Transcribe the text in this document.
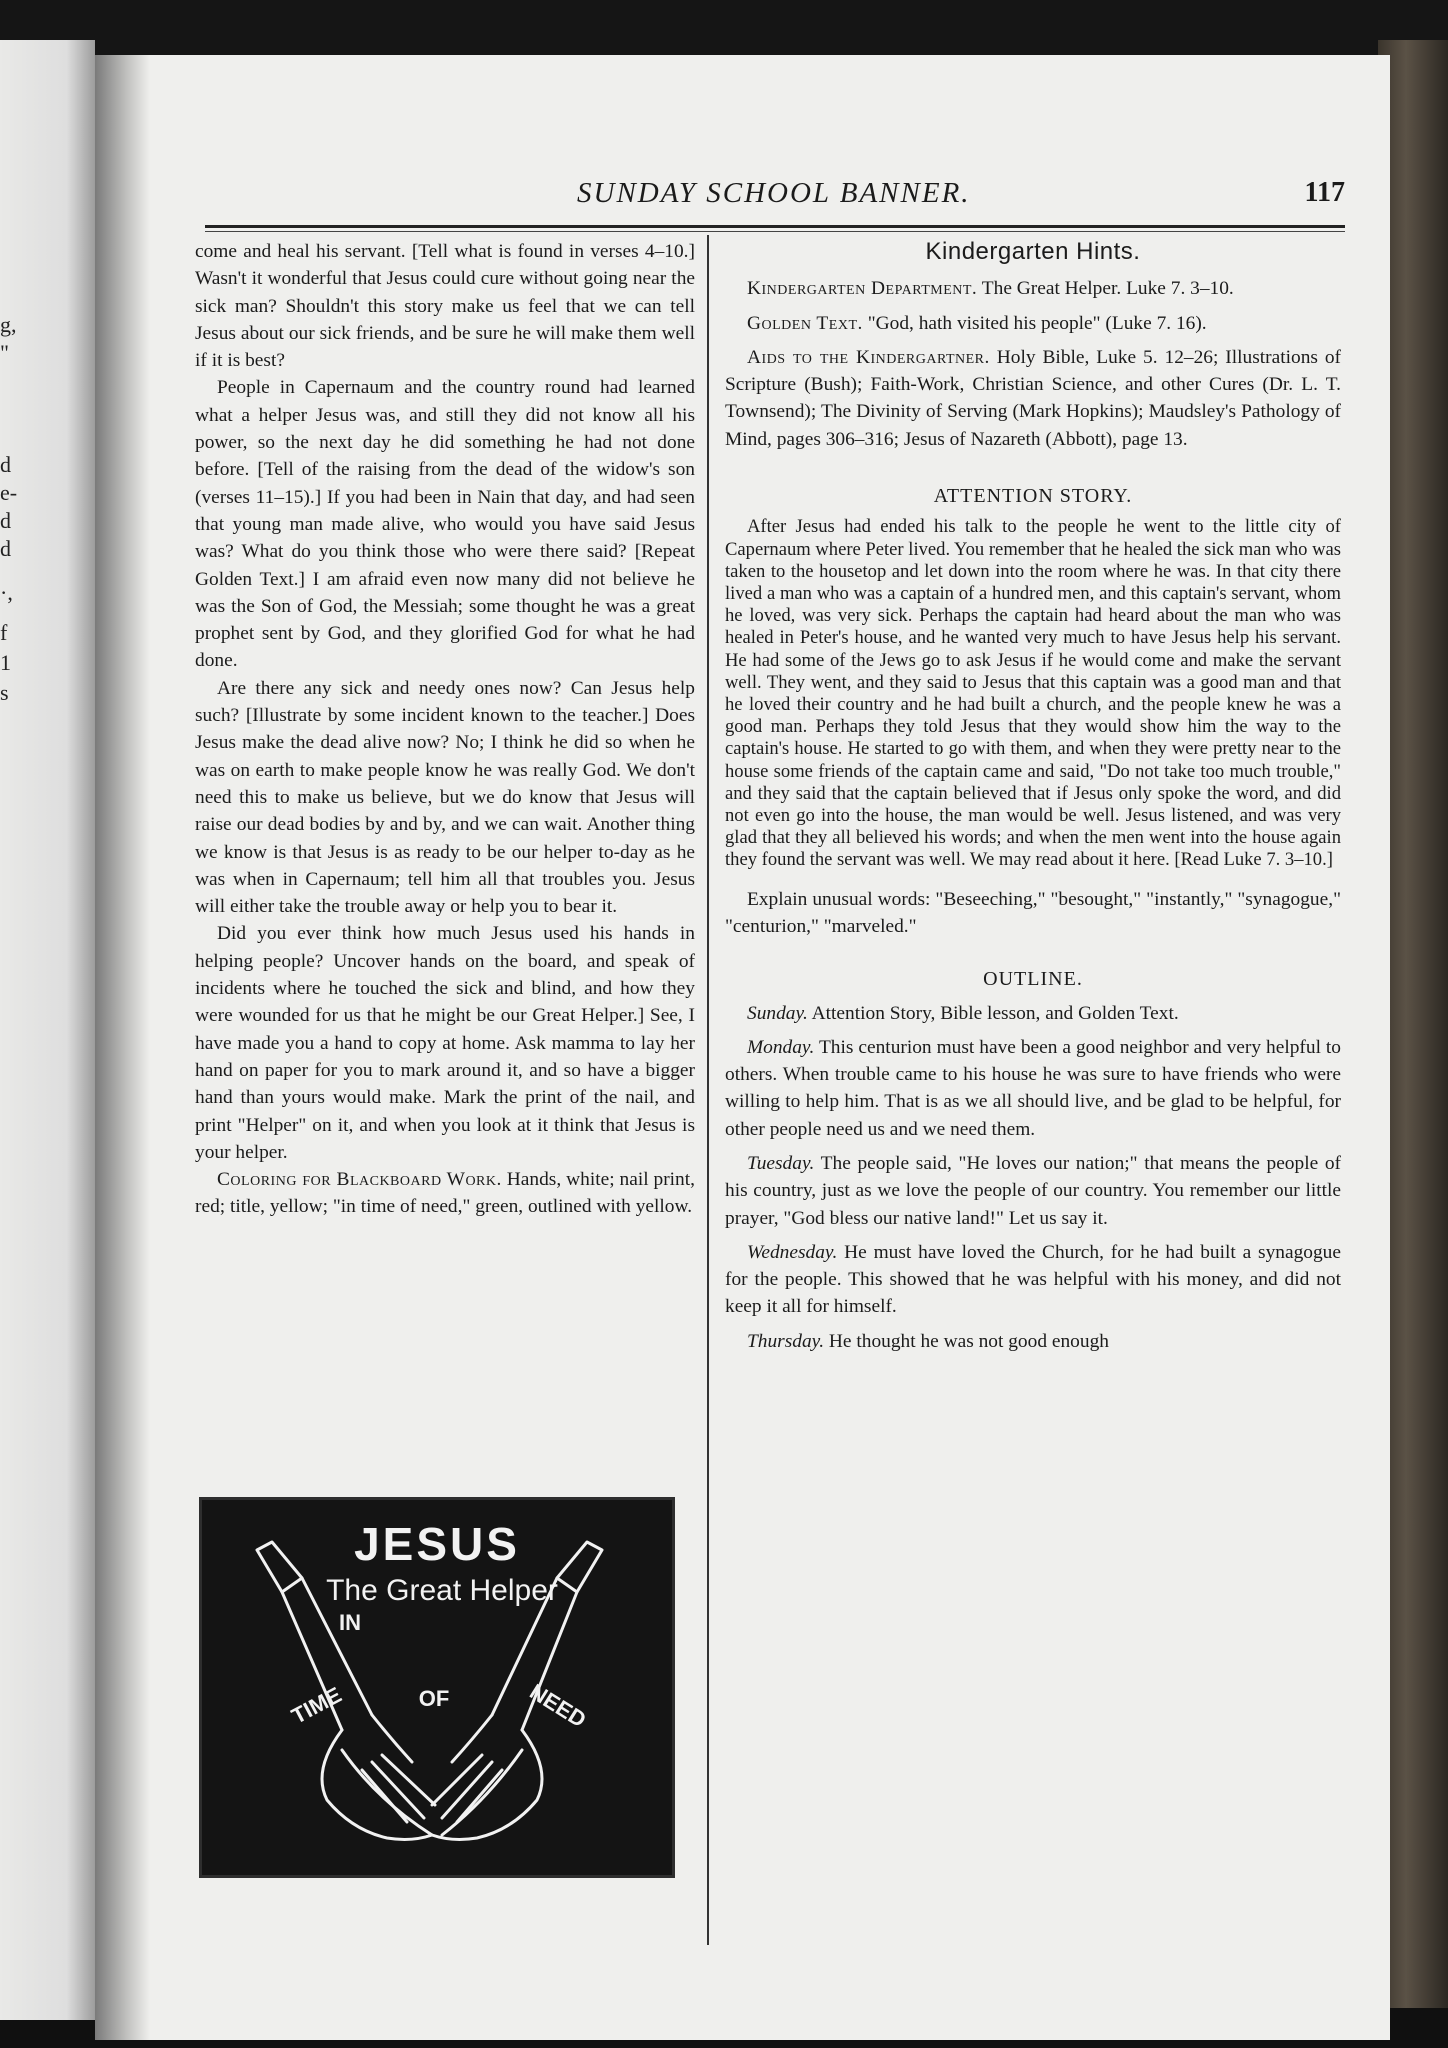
g,
"
d
e-
d
d
·,
f
1
s
SUNDAY SCHOOL BANNER.	117

come and heal his servant. [Tell what is found in verses 4–10.] Wasn't it wonderful that Jesus could cure without going near the sick man? Shouldn't this story make us feel that we can tell Jesus about our sick friends, and be sure he will make them well if it is best?

People in Capernaum and the country round had learned what a helper Jesus was, and still they did not know all his power, so the next day he did something he had not done before. [Tell of the raising from the dead of the widow's son (verses 11–15).] If you had been in Nain that day, and had seen that young man made alive, who would you have said Jesus was? What do you think those who were there said? [Repeat Golden Text.] I am afraid even now many did not believe he was the Son of God, the Messiah; some thought he was a great prophet sent by God, and they glorified God for what he had done.

Are there any sick and needy ones now? Can Jesus help such? [Illustrate by some incident known to the teacher.] Does Jesus make the dead alive now? No; I think he did so when he was on earth to make people know he was really God. We don't need this to make us believe, but we do know that Jesus will raise our dead bodies by and by, and we can wait. Another thing we know is that Jesus is as ready to be our helper to-day as he was when in Capernaum; tell him all that troubles you. Jesus will either take the trouble away or help you to bear it.

Did you ever think how much Jesus used his hands in helping people? Uncover hands on the board, and speak of incidents where he touched the sick and blind, and how they were wounded for us that he might be our Great Helper.] See, I have made you a hand to copy at home. Ask mamma to lay her hand on paper for you to mark around it, and so have a bigger hand than yours would make. Mark the print of the nail, and print "Helper" on it, and when you look at it think that Jesus is your helper.

Coloring for Blackboard Work. Hands, white; nail print, red; title, yellow; "in time of need," green, outlined with yellow.

JESUS
The Great Helper
IN
TIME	OF	NEED
Kindergarten Hints.

Kindergarten Department. The Great Helper. Luke 7. 3–10.

Golden Text. "God, hath visited his people" (Luke 7. 16).

Aids to the Kindergartner. Holy Bible, Luke 5. 12–26; Illustrations of Scripture (Bush); Faith-Work, Christian Science, and other Cures (Dr. L. T. Townsend); The Divinity of Serving (Mark Hopkins); Maudsley's Pathology of Mind, pages 306–316; Jesus of Nazareth (Abbott), page 13.

ATTENTION STORY.

After Jesus had ended his talk to the people he went to the little city of Capernaum where Peter lived. You remember that he healed the sick man who was taken to the housetop and let down into the room where he was. In that city there lived a man who was a captain of a hundred men, and this captain's servant, whom he loved, was very sick. Perhaps the captain had heard about the man who was healed in Peter's house, and he wanted very much to have Jesus help his servant. He had some of the Jews go to ask Jesus if he would come and make the servant well. They went, and they said to Jesus that this captain was a good man and that he loved their country and he had built a church, and the people knew he was a good man. Perhaps they told Jesus that they would show him the way to the captain's house. He started to go with them, and when they were pretty near to the house some friends of the captain came and said, "Do not take too much trouble," and they said that the captain believed that if Jesus only spoke the word, and did not even go into the house, the man would be well. Jesus listened, and was very glad that they all believed his words; and when the men went into the house again they found the servant was well. We may read about it here. [Read Luke 7. 3–10.]

Explain unusual words: "Beseeching," "besought," "instantly," "synagogue," "centurion," "marveled."

OUTLINE.

Sunday. Attention Story, Bible lesson, and Golden Text.

Monday. This centurion must have been a good neighbor and very helpful to others. When trouble came to his house he was sure to have friends who were willing to help him. That is as we all should live, and be glad to be helpful, for other people need us and we need them.

Tuesday. The people said, "He loves our nation;" that means the people of his country, just as we love the people of our country. You remember our little prayer, "God bless our native land!" Let us say it.

Wednesday. He must have loved the Church, for he had built a synagogue for the people. This showed that he was helpful with his money, and did not keep it all for himself.

Thursday. He thought he was not good enough
